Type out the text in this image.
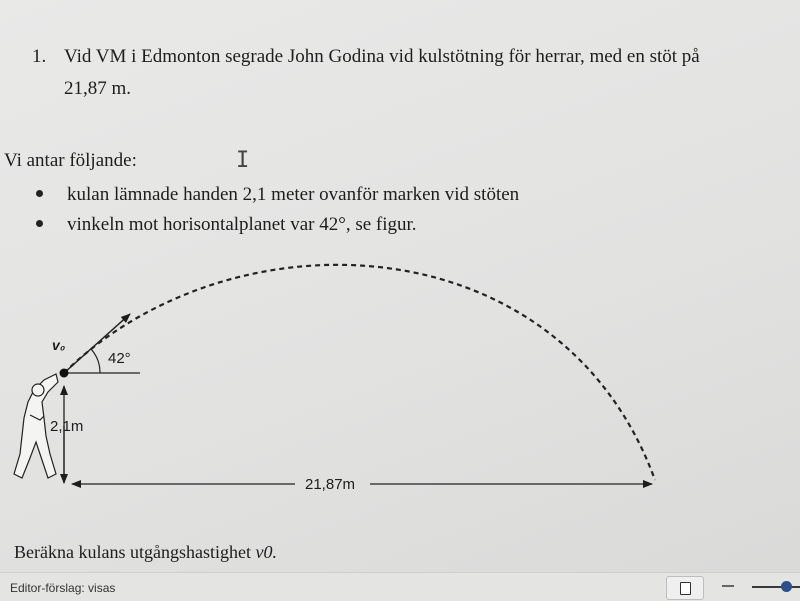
1. Vid VM i Edmonton segrade John Godina vid kulstötning för herrar, med en stöt på
21,87 m.
Vi antar följande:	I
kulan lämnade handen 2,1 meter ovanför marken vid stöten
vinkeln mot horisontalplanet var 42°, se figur.
v₀
42°
2,1m
21,87m
Beräkna kulans utgångshastighet v0.
Editor-förslag: visas
